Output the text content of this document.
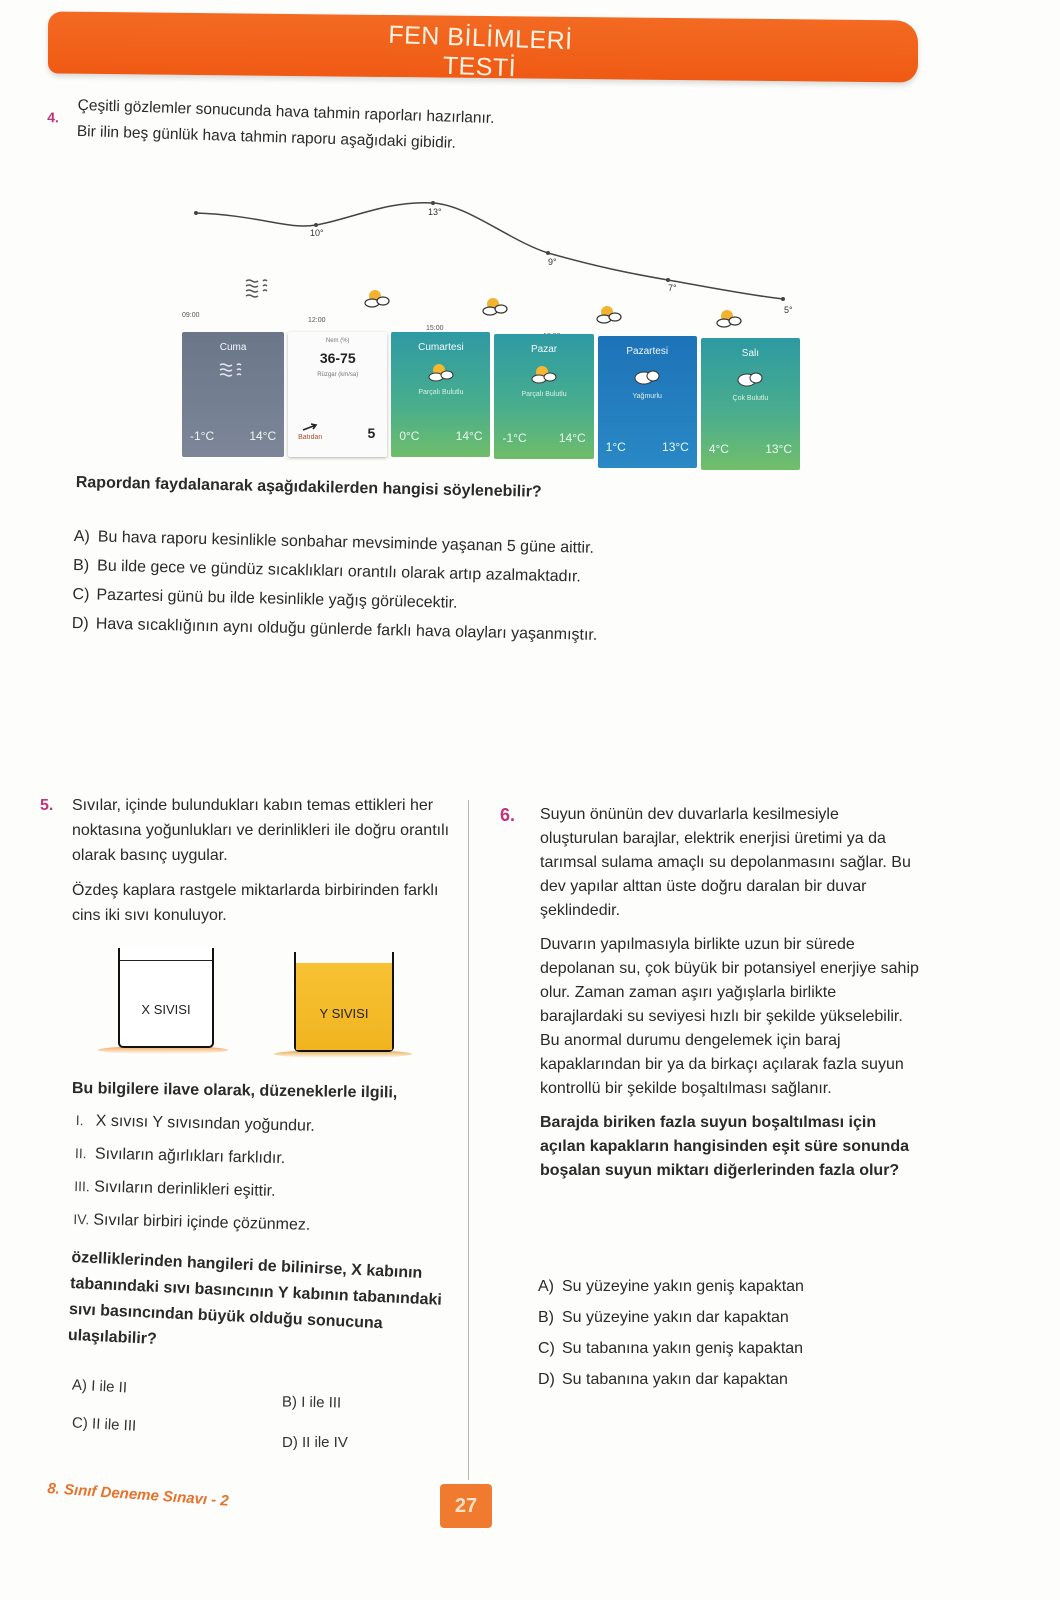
FEN BİLİMLERİ TESTİ
4.	Çeşitli gözlemler sonucunda hava tahmin raporları hazırlanır.
Bir ilin beş günlük hava tahmin raporu aşağıdaki gibidir.
10°
13°
9°
7°
5°
09:00
12:00
15:00
Cuma
-1°C	14°C
Nem (%)
36-75
Rüzgar (km/sa)
Batıdan	5
Cumartesi
Parçalı Bulutlu
0°C	14°C
Pazar
Parçalı Bulutlu
-1°C	14°C
Pazartesi
Yağmurlu
1°C	13°C
Salı
Çok Bulutlu
4°C	13°C
Rapordan faydalanarak aşağıdakilerden hangisi söylenebilir?
A) Bu hava raporu kesinlikle sonbahar mevsiminde yaşanan 5 güne aittir.
B) Bu ilde gece ve gündüz sıcaklıkları orantılı olarak artıp azalmaktadır.
C) Pazartesi günü bu ilde kesinlikle yağış görülecektir.
D) Hava sıcaklığının aynı olduğu günlerde farklı hava olayları yaşanmıştır.
5.	Sıvılar, içinde bulundukları kabın temas ettikleri her noktasına yoğunlukları ve derinlikleri ile doğru orantılı olarak basınç uygular.
Özdeş kaplara rastgele miktarlarda birbirinden farklı cins iki sıvı konuluyor.
X SIVISI	Y SIVISI
Bu bilgilere ilave olarak, düzeneklerle ilgili,
I. X sıvısı Y sıvısından yoğundur.
II. Sıvıların ağırlıkları farklıdır.
III. Sıvıların derinlikleri eşittir.
IV. Sıvılar birbiri içinde çözünmez.
özelliklerinden hangileri de bilinirse, X kabının tabanındaki sıvı basıncının Y kabının tabanındaki sıvı basıncından büyük olduğu sonucuna ulaşılabilir?
A) I ile II
B) I ile III
C) II ile III
D) II ile IV
6.	Suyun önünün dev duvarlarla kesilmesiyle oluşturulan barajlar, elektrik enerjisi üretimi ya da tarımsal sulama amaçlı su depolanmasını sağlar. Bu dev yapılar alttan üste doğru daralan bir duvar şeklindedir.
Duvarın yapılmasıyla birlikte uzun bir sürede depolanan su, çok büyük bir potansiyel enerjiye sahip olur. Zaman zaman aşırı yağışlarla birlikte barajlardaki su seviyesi hızlı bir şekilde yükselebilir. Bu anormal durumu dengelemek için baraj kapaklarından bir ya da birkaçı açılarak fazla suyun kontrollü bir şekilde boşaltılması sağlanır.
Barajda biriken fazla suyun boşaltılması için açılan kapakların hangisinden eşit süre sonunda boşalan suyun miktarı diğerlerinden fazla olur?
A) Su yüzeyine yakın geniş kapaktan
B) Su yüzeyine yakın dar kapaktan
C) Su tabanına yakın geniş kapaktan
D) Su tabanına yakın dar kapaktan
8. Sınıf Deneme Sınavı - 2	27
